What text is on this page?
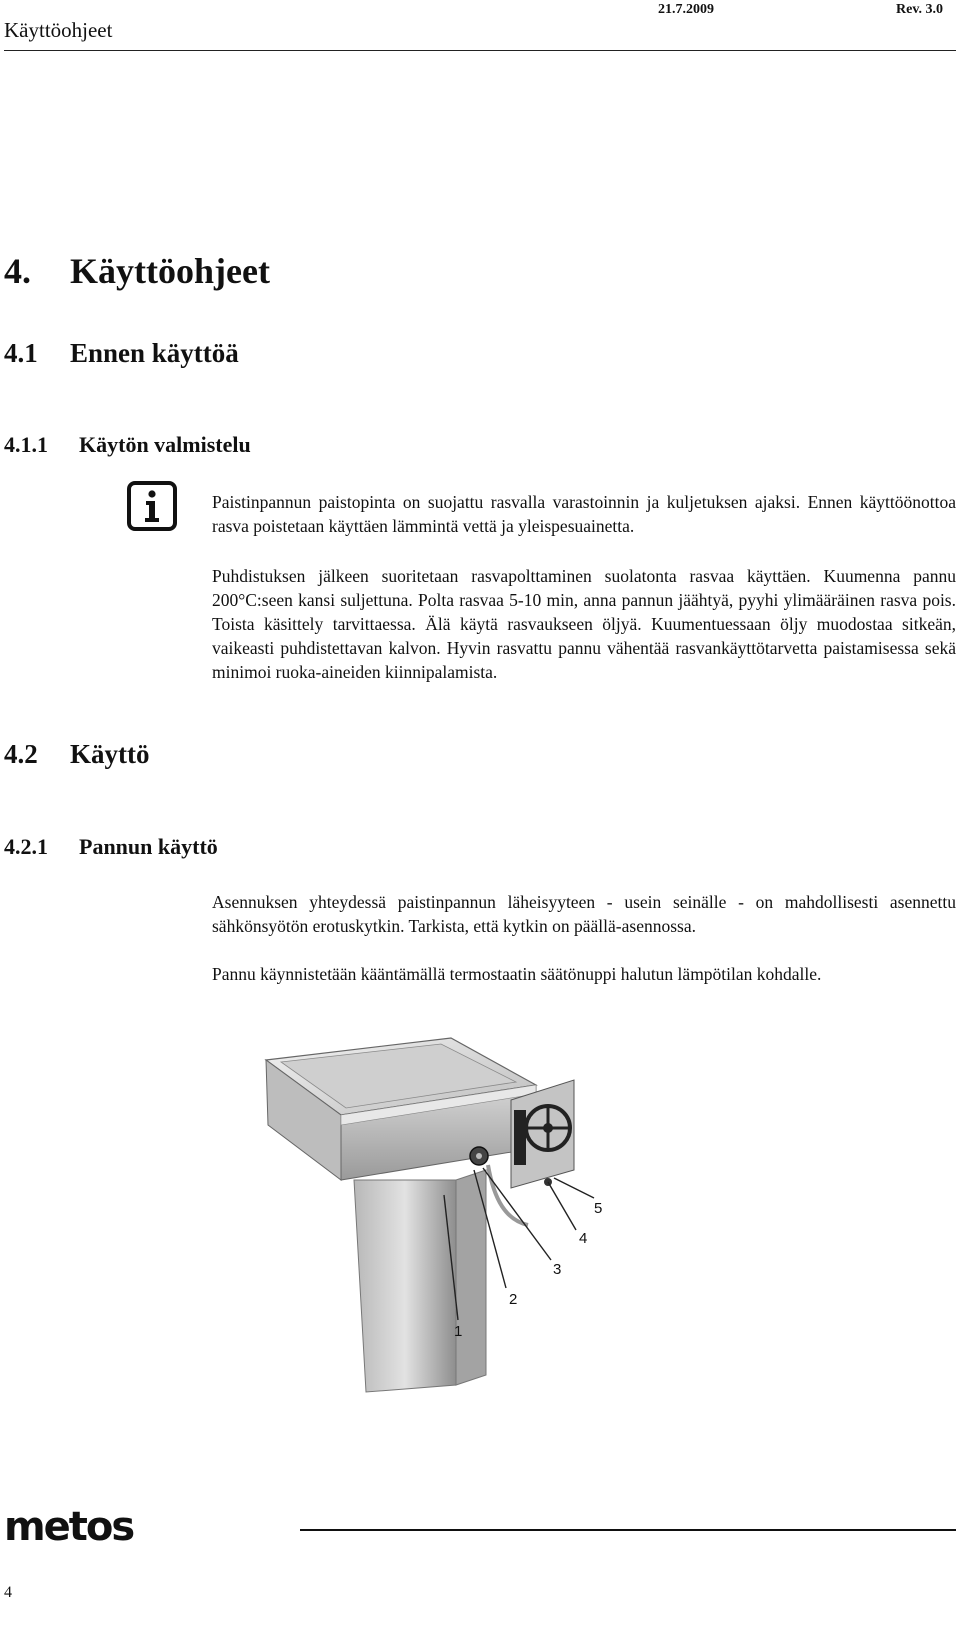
Käyttöohjeet
21.7.2009	Rev. 3.0
4. Käyttöohjeet
4.1 Ennen käyttöä
4.1.1 Käytön valmistelu
Paistinpannun paistopinta on suojattu rasvalla varastoinnin ja kuljetuksen ajaksi. Ennen käyttöönottoa rasva poistetaan käyttäen lämmintä vettä ja yleispesuainetta.
Puhdistuksen jälkeen suoritetaan rasvapolttaminen suolatonta rasvaa käyttäen. Kuumenna pannu 200°C:seen kansi suljettuna. Polta rasvaa 5-10 min, anna pannun jäähtyä, pyyhi ylimääräinen rasva pois. Toista käsittely tarvittaessa. Älä käytä rasvaukseen öljyä. Kuumentuessaan öljy muodostaa sitkeän, vaikeasti puhdistettavan kalvon. Hyvin rasvattu pannu vähentää rasvankäyttötarvetta paistamisessa sekä minimoi ruoka-aineiden kiinnipalamista.
4.2 Käyttö
4.2.1 Pannun käyttö
Asennuksen yhteydessä paistinpannun läheisyyteen - usein seinälle - on mahdollisesti asennettu sähkönsyötön erotuskytkin. Tarkista, että kytkin on päällä-asennossa.
Pannu käynnistetään kääntämällä termostaatin säätönuppi halutun lämpötilan kohdalle.
1
2
3
4
5
metos
4
